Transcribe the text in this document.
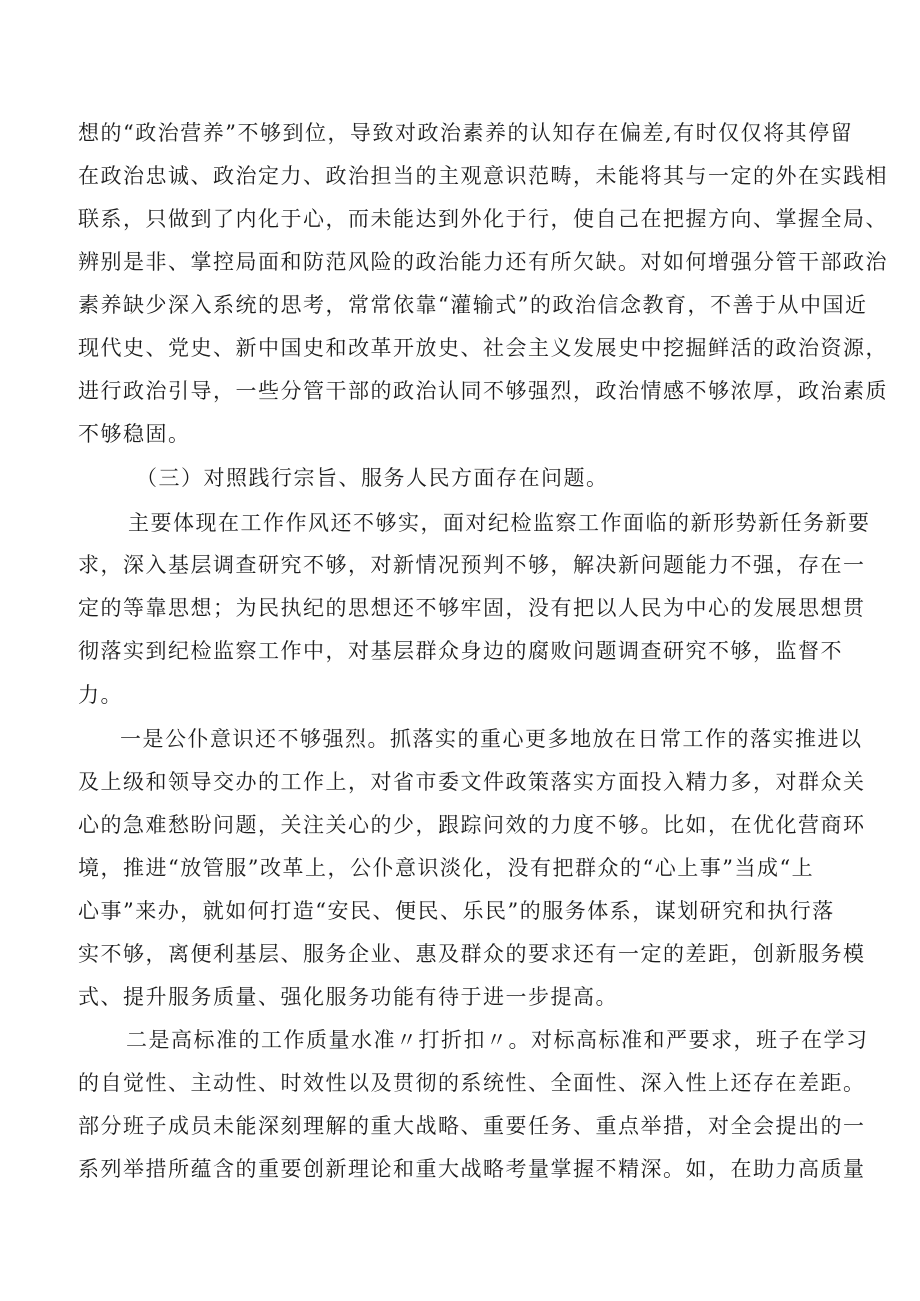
想的“政治营养”不够到位，导致对政治素养的认知存在偏差,有时仅仅将其停留
在政治忠诚、政治定力、政治担当的主观意识范畴，未能将其与一定的外在实践相
联系，只做到了内化于心，而未能达到外化于行，使自己在把握方向、掌握全局、
辨别是非、掌控局面和防范风险的政治能力还有所欠缺。对如何增强分管干部政治
素养缺少深入系统的思考，常常依靠“灌输式”的政治信念教育，不善于从中国近
现代史、党史、新中国史和改革开放史、社会主义发展史中挖掘鲜活的政治资源，
进行政治引导，一些分管干部的政治认同不够强烈，政治情感不够浓厚，政治素质
不够稳固。
（三）对照践行宗旨、服务人民方面存在问题。
主要体现在工作作风还不够实，面对纪检监察工作面临的新形势新任务新要
求，深入基层调查研究不够，对新情况预判不够，解决新问题能力不强，存在一
定的等靠思想；为民执纪的思想还不够牢固，没有把以人民为中心的发展思想贯
彻落实到纪检监察工作中，对基层群众身边的腐败问题调查研究不够，监督不
力。
一是公仆意识还不够强烈。抓落实的重心更多地放在日常工作的落实推进以
及上级和领导交办的工作上，对省市委文件政策落实方面投入精力多，对群众关
心的急难愁盼问题，关注关心的少，跟踪问效的力度不够。比如，在优化营商环
境，推进“放管服”改革上，公仆意识淡化，没有把群众的“心上事”当成“上
心事”来办，就如何打造“安民、便民、乐民”的服务体系，谋划研究和执行落
实不够，离便利基层、服务企业、惠及群众的要求还有一定的差距，创新服务模
式、提升服务质量、强化服务功能有待于进一步提高。
二是高标准的工作质量水准〃打折扣〃。对标高标准和严要求，班子在学习
的自觉性、主动性、时效性以及贯彻的系统性、全面性、深入性上还存在差距。
部分班子成员未能深刻理解的重大战略、重要任务、重点举措，对全会提出的一
系列举措所蕴含的重要创新理论和重大战略考量掌握不精深。如，在助力高质量
